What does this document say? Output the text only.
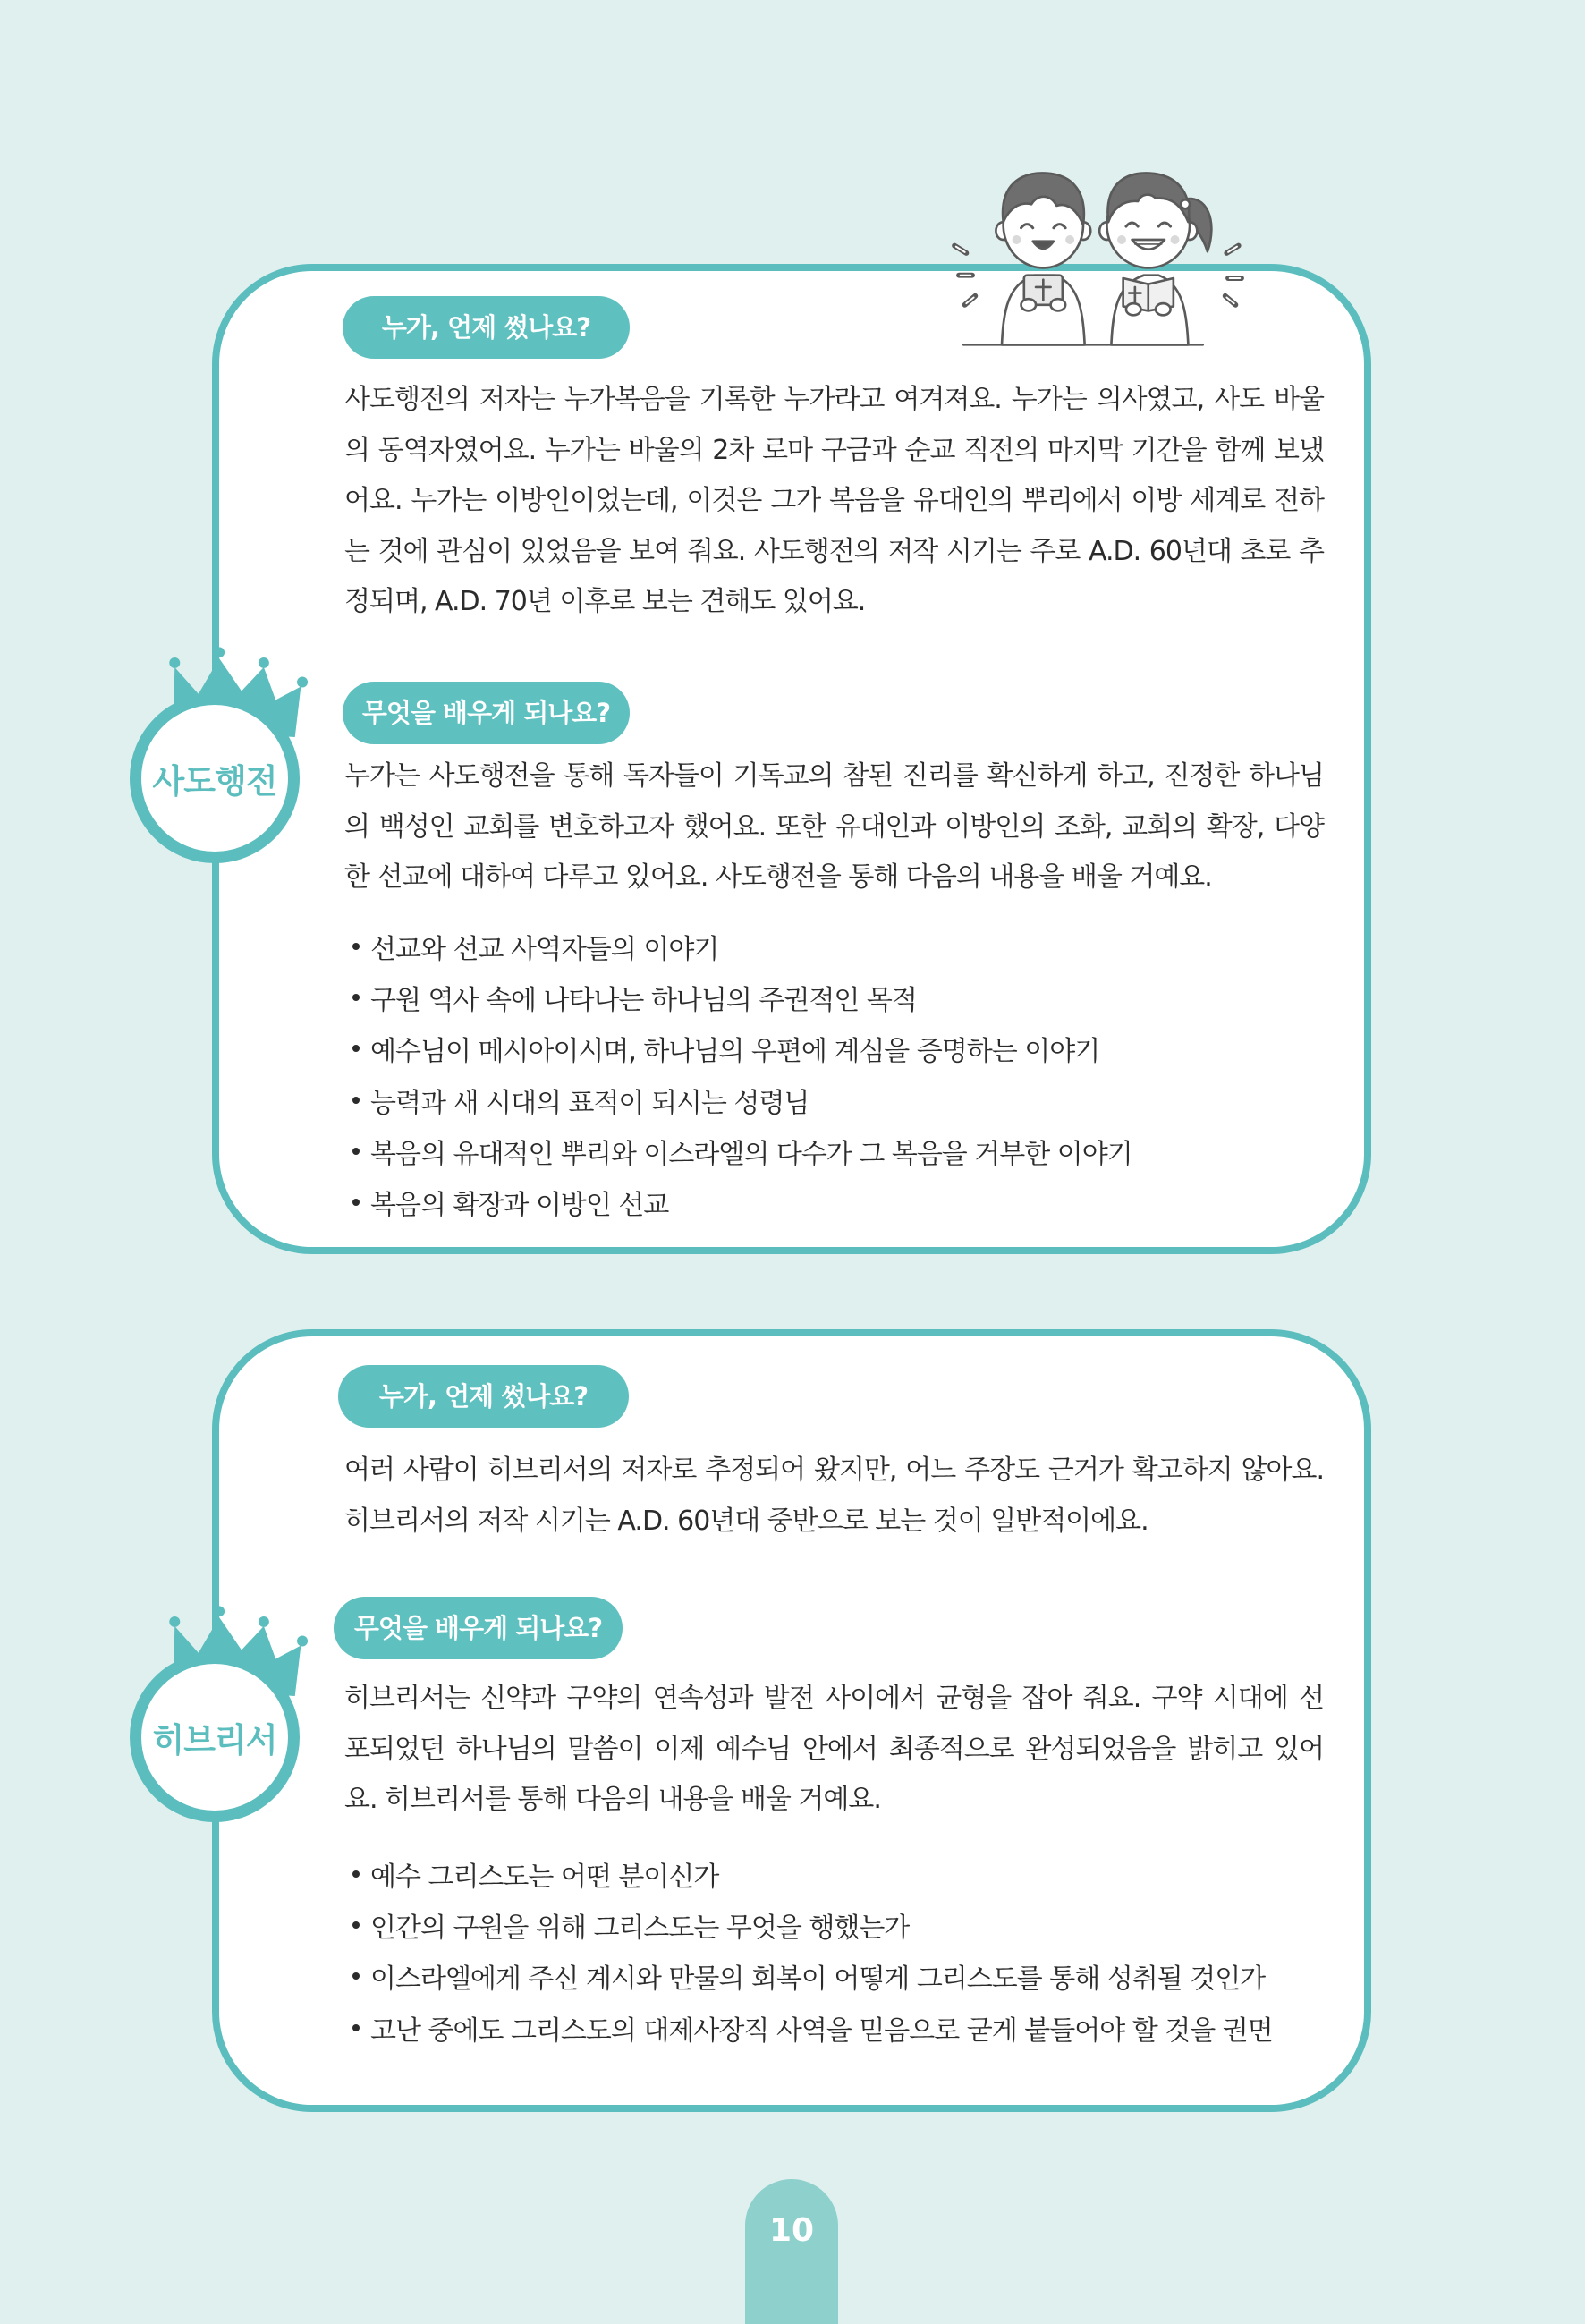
누가, 언제 썼나요?
사도행전의 저자는 누가복음을 기록한 누가라고 여겨져요. 누가는 의사였고, 사도 바울
의 동역자였어요. 누가는 바울의 2차 로마 구금과 순교 직전의 마지막 기간을 함께 보냈
어요. 누가는 이방인이었는데, 이것은 그가 복음을 유대인의 뿌리에서 이방 세계로 전하
는 것에 관심이 있었음을 보여 줘요. 사도행전의 저작 시기는 주로 A.D. 60년대 초로 추
정되며, A.D. 70년 이후로 보는 견해도 있어요.
무엇을 배우게 되나요?
누가는 사도행전을 통해 독자들이 기독교의 참된 진리를 확신하게 하고, 진정한 하나님
의 백성인 교회를 변호하고자 했어요. 또한 유대인과 이방인의 조화, 교회의 확장, 다양
한 선교에 대하여 다루고 있어요. 사도행전을 통해 다음의 내용을 배울 거예요.
선교와 선교 사역자들의 이야기
구원 역사 속에 나타나는 하나님의 주권적인 목적
예수님이 메시아이시며, 하나님의 우편에 계심을 증명하는 이야기
능력과 새 시대의 표적이 되시는 성령님
복음의 유대적인 뿌리와 이스라엘의 다수가 그 복음을 거부한 이야기
복음의 확장과 이방인 선교
누가, 언제 썼나요?
여러 사람이 히브리서의 저자로 추정되어 왔지만, 어느 주장도 근거가 확고하지 않아요.
히브리서의 저작 시기는 A.D. 60년대 중반으로 보는 것이 일반적이에요.
무엇을 배우게 되나요?
히브리서는 신약과 구약의 연속성과 발전 사이에서 균형을 잡아 줘요. 구약 시대에 선
포되었던 하나님의 말씀이 이제 예수님 안에서 최종적으로 완성되었음을 밝히고 있어
요. 히브리서를 통해 다음의 내용을 배울 거예요.
예수 그리스도는 어떤 분이신가
인간의 구원을 위해 그리스도는 무엇을 행했는가
이스라엘에게 주신 계시와 만물의 회복이 어떻게 그리스도를 통해 성취될 것인가
고난 중에도 그리스도의 대제사장직 사역을 믿음으로 굳게 붙들어야 할 것을 권면
사도행전
히브리서
10
